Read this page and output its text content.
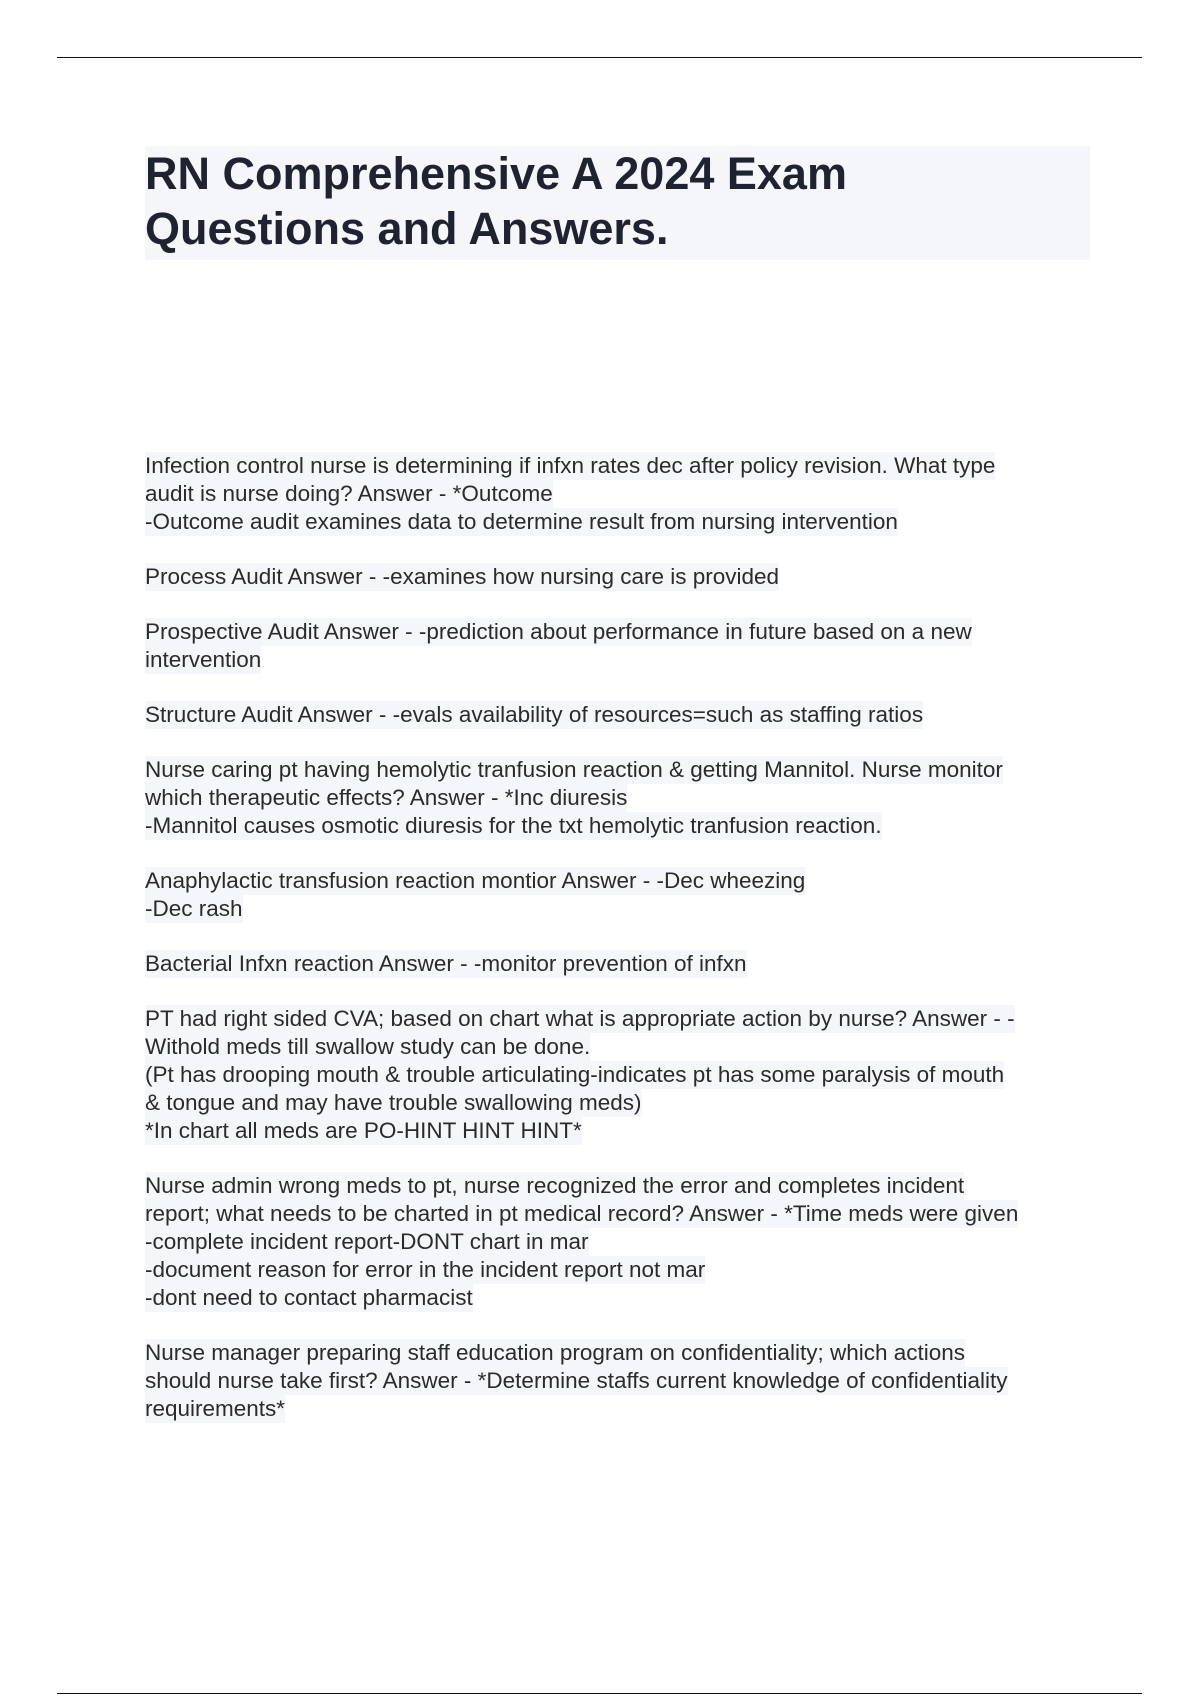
RN Comprehensive A 2024 Exam
Questions and Answers.
Infection control nurse is determining if infxn rates dec after policy revision. What type
audit is nurse doing? Answer - *Outcome
-Outcome audit examines data to determine result from nursing intervention
Process Audit Answer - -examines how nursing care is provided
Prospective Audit Answer - -prediction about performance in future based on a new
intervention
Structure Audit Answer - -evals availability of resources=such as staffing ratios
Nurse caring pt having hemolytic tranfusion reaction & getting Mannitol. Nurse monitor
which therapeutic effects? Answer - *Inc diuresis
-Mannitol causes osmotic diuresis for the txt hemolytic tranfusion reaction.
Anaphylactic transfusion reaction montior Answer - -Dec wheezing
-Dec rash
Bacterial Infxn reaction Answer - -monitor prevention of infxn
PT had right sided CVA; based on chart what is appropriate action by nurse? Answer - -
Withold meds till swallow study can be done.
(Pt has drooping mouth & trouble articulating-indicates pt has some paralysis of mouth
& tongue and may have trouble swallowing meds)
*In chart all meds are PO-HINT HINT HINT*
Nurse admin wrong meds to pt, nurse recognized the error and completes incident
report; what needs to be charted in pt medical record? Answer - *Time meds were given
-complete incident report-DONT chart in mar
-document reason for error in the incident report not mar
-dont need to contact pharmacist
Nurse manager preparing staff education program on confidentiality; which actions
should nurse take first? Answer - *Determine staffs current knowledge of confidentiality
requirements*
